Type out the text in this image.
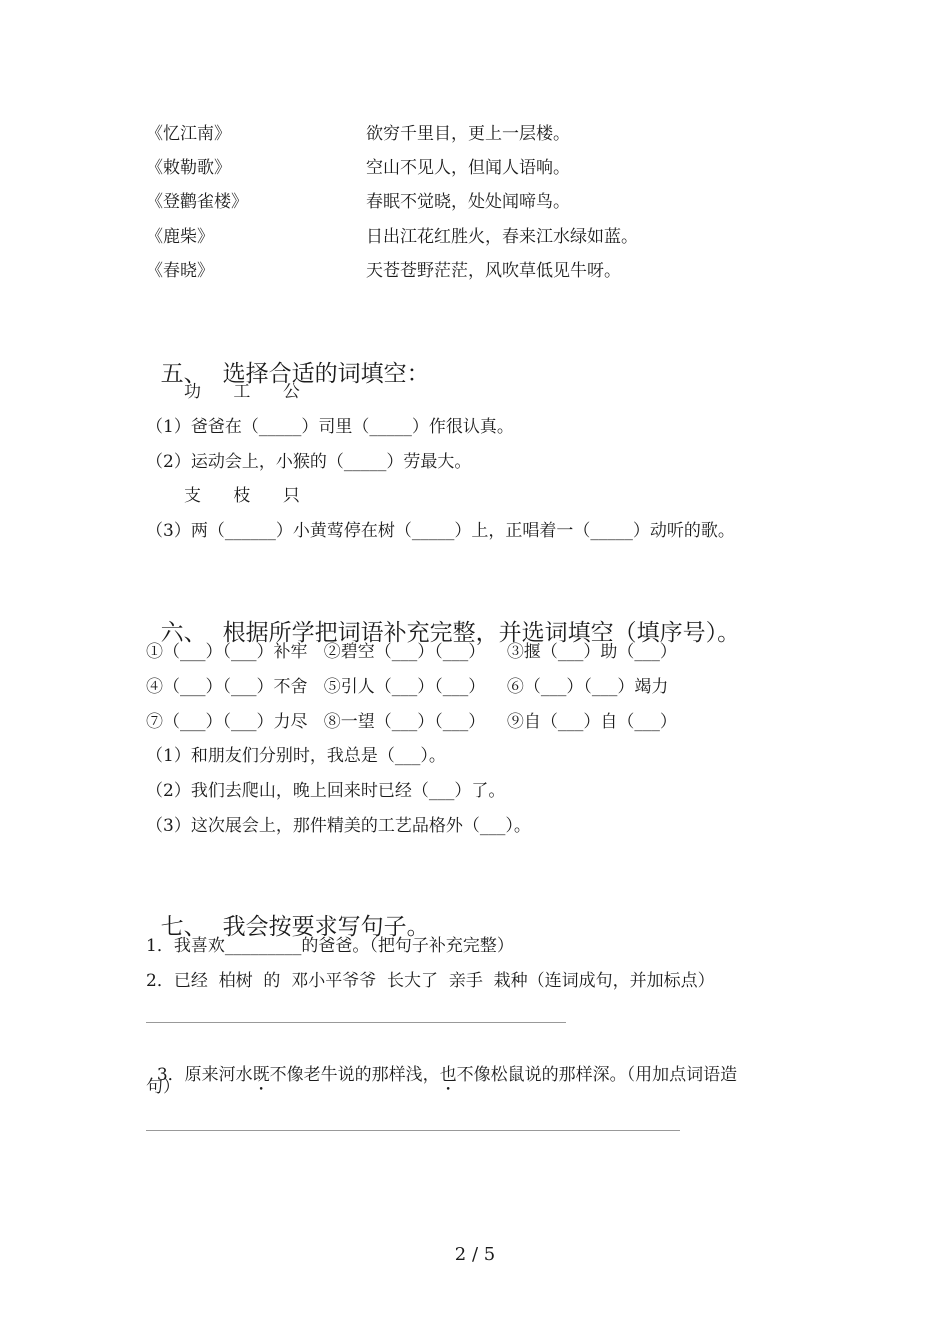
《忆江南》	欲穷千里目，更上一层楼。
《敕勒歌》	空山不见人，但闻人语响。
《登鹳雀楼》	春眠不觉晓，处处闻啼鸟。
《鹿柴》	日出江花红胜火，春来江水绿如蓝。
《春晓》	天苍苍野茫茫，风吹草低见牛呀。

五、 选择合适的词填空：

功      工      公
（1）爸爸在（_____）司里（_____）作很认真。
（2）运动会上，小猴的（_____）劳最大。
支      枝      只
（3）两（______）小黄莺停在树（_____）上，正唱着一（_____）动听的歌。

六、 根据所学把词语补充完整，并选词填空（填序号）。

①（___）（___）补牢   ②碧空（___）（___）    ③揠（___）助（___）
④（___）（___）不舍   ⑤引人（___）（___）    ⑥（___）（___）竭力
⑦（___）（___）力尽   ⑧一望（___）（___）    ⑨自（___）自（___）
（1）和朋友们分别时，我总是（___）。
（2）我们去爬山，晚上回来时已经（___）了。
（3）这次展会上，那件精美的工艺品格外（___）。

七、 我会按要求写句子。

1．我喜欢_________的爸爸。（把句子补充完整）
2．已经  柏树  的  邓小平爷爷  长大了  亲手  栽种（连词成句，并加标点）

3．原来河水既不像老牛说的那样浅，也不像松鼠说的那样深。（用加点词语造

句）
2 / 5
